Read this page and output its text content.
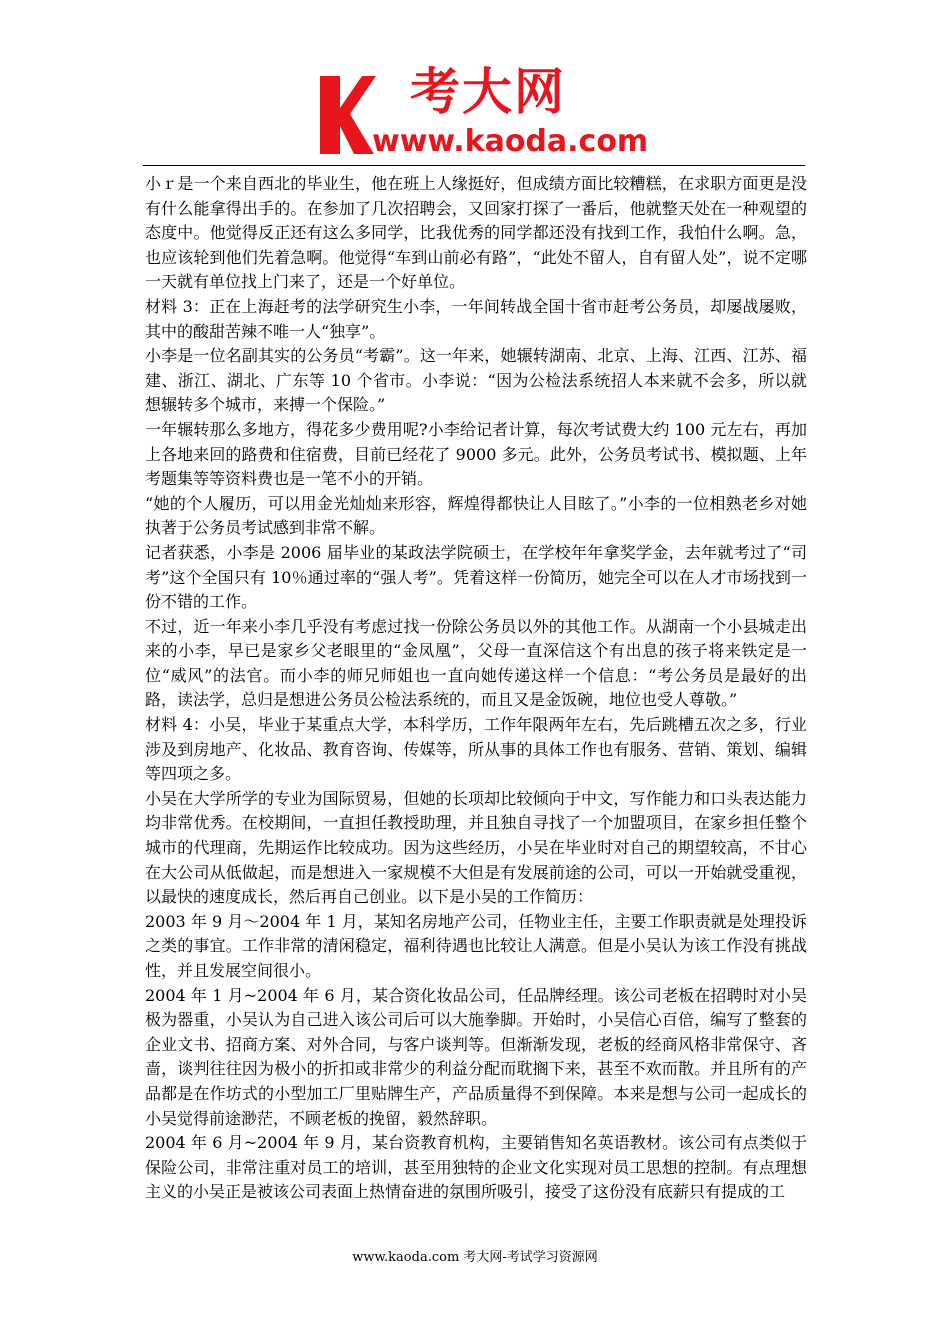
考大网
www.kaoda.com

小ｒ是一个来自西北的毕业生，他在班上人缘挺好，但成绩方面比较糟糕，在求职方面更是没有什么能拿得出手的。在参加了几次招聘会，又回家打探了一番后，他就整天处在一种观望的态度中。他觉得反正还有这么多同学，比我优秀的同学都还没有找到工作，我怕什么啊。急，也应该轮到他们先着急啊。他觉得“车到山前必有路”，“此处不留人，自有留人处”，说不定哪一天就有单位找上门来了，还是一个好单位。

材料 3：正在上海赶考的法学研究生小李，一年间转战全国十省市赶考公务员，却屡战屡败，其中的酸甜苦辣不唯一人“独享”。

小李是一位名副其实的公务员“考霸”。这一年来，她辗转湖南、北京、上海、江西、江苏、福建、浙江、湖北、广东等 10 个省市。小李说：“因为公检法系统招人本来就不会多，所以就想辗转多个城市，来搏一个保险。”

一年辗转那么多地方，得花多少费用呢?小李给记者计算，每次考试费大约 100 元左右，再加上各地来回的路费和住宿费，目前已经花了 9000 多元。此外，公务员考试书、模拟题、上年考题集等等资料费也是一笔不小的开销。

“她的个人履历，可以用金光灿灿来形容，辉煌得都快让人目眩了。”小李的一位相熟老乡对她执著于公务员考试感到非常不解。

记者获悉，小李是 2006 届毕业的某政法学院硕士，在学校年年拿奖学金，去年就考过了“司考”这个全国只有 10％通过率的“强人考”。凭着这样一份简历，她完全可以在人才市场找到一份不错的工作。

不过，近一年来小李几乎没有考虑过找一份除公务员以外的其他工作。从湖南一个小县城走出来的小李，早已是家乡父老眼里的“金凤凰”，父母一直深信这个有出息的孩子将来铁定是一位“威风”的法官。而小李的师兄师姐也一直向她传递这样一个信息：“考公务员是最好的出路，读法学，总归是想进公务员公检法系统的，而且又是金饭碗，地位也受人尊敬。”

材料 4：小吴，毕业于某重点大学，本科学历，工作年限两年左右，先后跳槽五次之多，行业涉及到房地产、化妆品、教育咨询、传媒等，所从事的具体工作也有服务、营销、策划、编辑等四项之多。

小吴在大学所学的专业为国际贸易，但她的长项却比较倾向于中文，写作能力和口头表达能力均非常优秀。在校期间，一直担任教授助理，并且独自寻找了一个加盟项目，在家乡担任整个城市的代理商，先期运作比较成功。因为这些经历，小吴在毕业时对自己的期望较高，不甘心在大公司从低做起，而是想进入一家规模不大但是有发展前途的公司，可以一开始就受重视，以最快的速度成长，然后再自己创业。以下是小吴的工作简历：

2003 年 9 月～2004 年 1 月，某知名房地产公司，任物业主任，主要工作职责就是处理投诉之类的事宜。工作非常的清闲稳定，福利待遇也比较让人满意。但是小吴认为该工作没有挑战性，并且发展空间很小。

2004 年 1 月~2004 年 6 月，某合资化妆品公司，任品牌经理。该公司老板在招聘时对小吴极为器重，小吴认为自己进入该公司后可以大施拳脚。开始时，小吴信心百倍，编写了整套的企业文书、招商方案、对外合同，与客户谈判等。但渐渐发现，老板的经商风格非常保守、吝啬，谈判往往因为极小的折扣或非常少的利益分配而耽搁下来，甚至不欢而散。并且所有的产品都是在作坊式的小型加工厂里贴牌生产，产品质量得不到保障。本来是想与公司一起成长的小吴觉得前途渺茫，不顾老板的挽留，毅然辞职。

2004 年 6 月~2004 年 9 月，某台资教育机构，主要销售知名英语教材。该公司有点类似于保险公司，非常注重对员工的培训，甚至用独特的企业文化实现对员工思想的控制。有点理想主义的小吴正是被该公司表面上热情奋进的氛围所吸引，接受了这份没有底薪只有提成的工

www.kaoda.com 考大网-考试学习资源网
